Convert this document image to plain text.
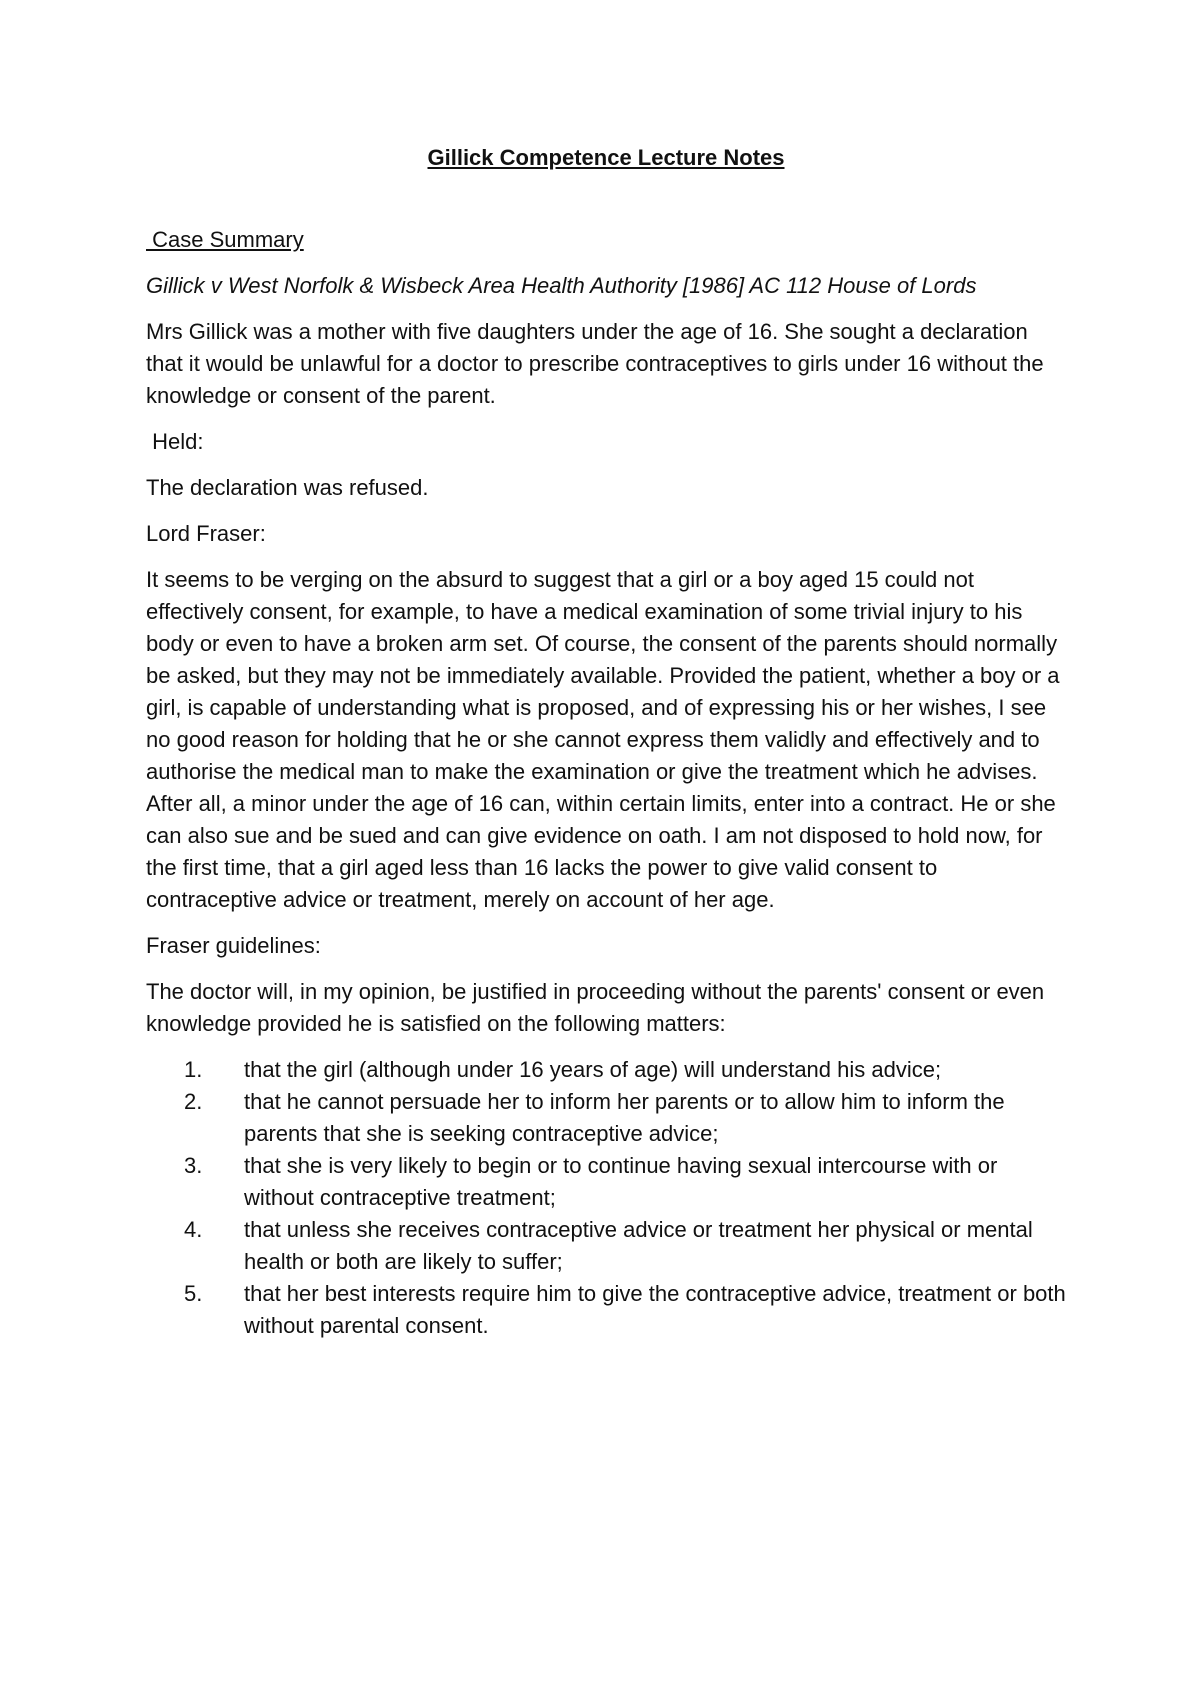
Gillick Competence Lecture Notes
Case Summary
Gillick v West Norfolk & Wisbeck Area Health Authority [1986] AC 112 House of Lords

Mrs Gillick was a mother with five daughters under the age of 16. She sought a declaration that it would be unlawful for a doctor to prescribe contraceptives to girls under 16 without the knowledge or consent of the parent.

Held:

The declaration was refused.

Lord Fraser:

It seems to be verging on the absurd to suggest that a girl or a boy aged 15 could not effectively consent, for example, to have a medical examination of some trivial injury to his body or even to have a broken arm set. Of course, the consent of the parents should normally be asked, but they may not be immediately available. Provided the patient, whether a boy or a girl, is capable of understanding what is proposed, and of expressing his or her wishes, I see no good reason for holding that he or she cannot express them validly and effectively and to authorise the medical man to make the examination or give the treatment which he advises. After all, a minor under the age of 16 can, within certain limits, enter into a contract. He or she can also sue and be sued and can give evidence on oath. I am not disposed to hold now, for the first time, that a girl aged less than 16 lacks the power to give valid consent to contraceptive advice or treatment, merely on account of her age.

Fraser guidelines:

The doctor will, in my opinion, be justified in proceeding without the parents' consent or even knowledge provided he is satisfied on the following matters:

1. that the girl (although under 16 years of age) will understand his advice;
2. that he cannot persuade her to inform her parents or to allow him to inform the parents that she is seeking contraceptive advice;
3. that she is very likely to begin or to continue having sexual intercourse with or without contraceptive treatment;
4. that unless she receives contraceptive advice or treatment her physical or mental health or both are likely to suffer;
5. that her best interests require him to give the contraceptive advice, treatment or both without parental consent.
